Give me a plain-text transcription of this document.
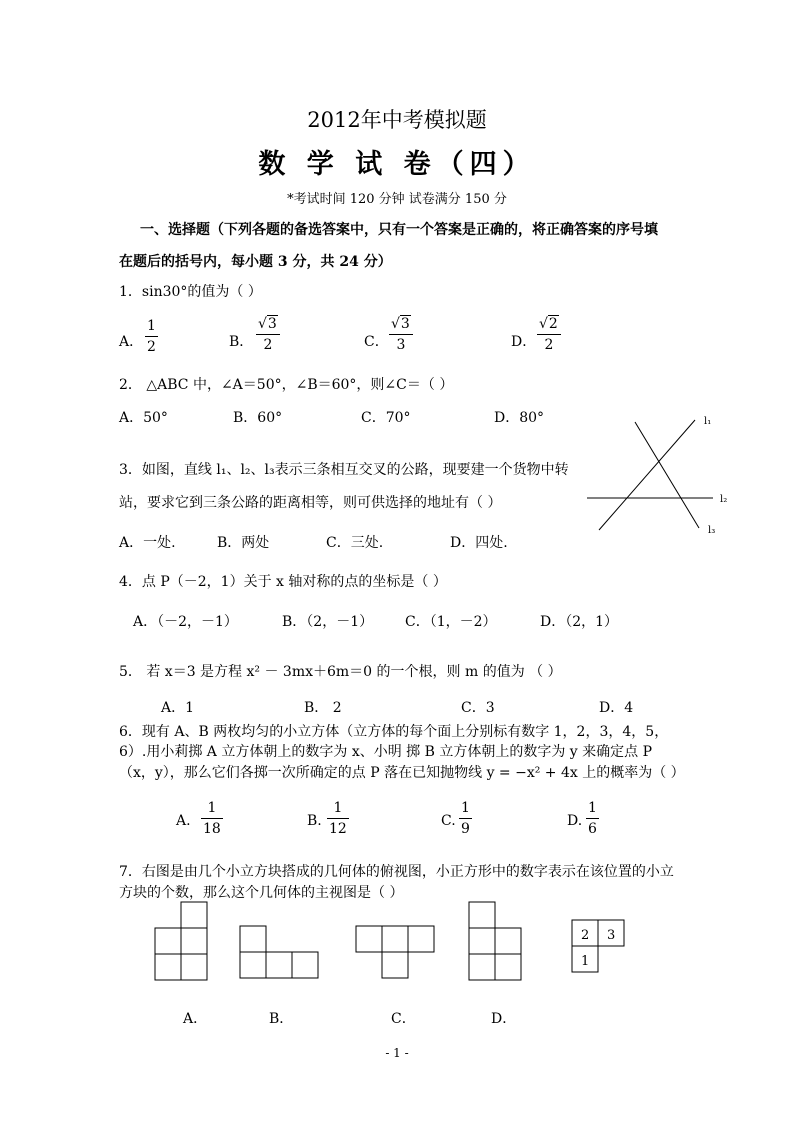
2012年中考模拟题
数 学 试 卷（四）
*考试时间 120 分钟 试卷满分 150 分
一、选择题（下列各题的备选答案中，只有一个答案是正确的，将正确答案的序号填
在题后的括号内，每小题 3 分，共 24 分）
1．sin30°的值为（ ）
A．
1
2	B．
√3
2	C．
√3
3	D．
√2
2
2． △ABC 中，∠A＝50°，∠B＝60°，则∠C＝（ ）
A．50°	B．60°	C．70°	D．80°
3．如图，直线 l₁、l₂、l₃表示三条相互交叉的公路，现要建一个货物中转
站，要求它到三条公路的距离相等，则可供选择的地址有（ ）
A．一处.	B．两处	C．三处.	D．四处.
l₁
l₂
l₃
4．点 P（－2，1）关于 x 轴对称的点的坐标是（ ）
A．（－2，－1）	B．（2，－1） C．（1，－2）	D．（2，1）
5． 若 x＝3 是方程 x² － 3mx＋6m＝0 的一个根，则 m 的值为 （ ）
A．1	B． 2	C．3	D．4
6．现有 A、B 两枚均匀的小立方体（立方体的每个面上分别标有数字 1，2，3，4，5，
6）.用小莉掷 A 立方体朝上的数字为 x、小明 掷 B 立方体朝上的数字为 y 来确定点 P
（x，y），那么它们各掷一次所确定的点 P 落在已知抛物线 y = −x² + 4x 上的概率为（ ）
A.
1
18	B.
1
12	C.
1
9	D.
1
6
7．右图是由几个小立方块搭成的几何体的俯视图，小正方形中的数字表示在该位置的小立
方块的个数，那么这个几何体的主视图是（ ）
2 3
1
A．	B．	C．	D．
- 1 -
